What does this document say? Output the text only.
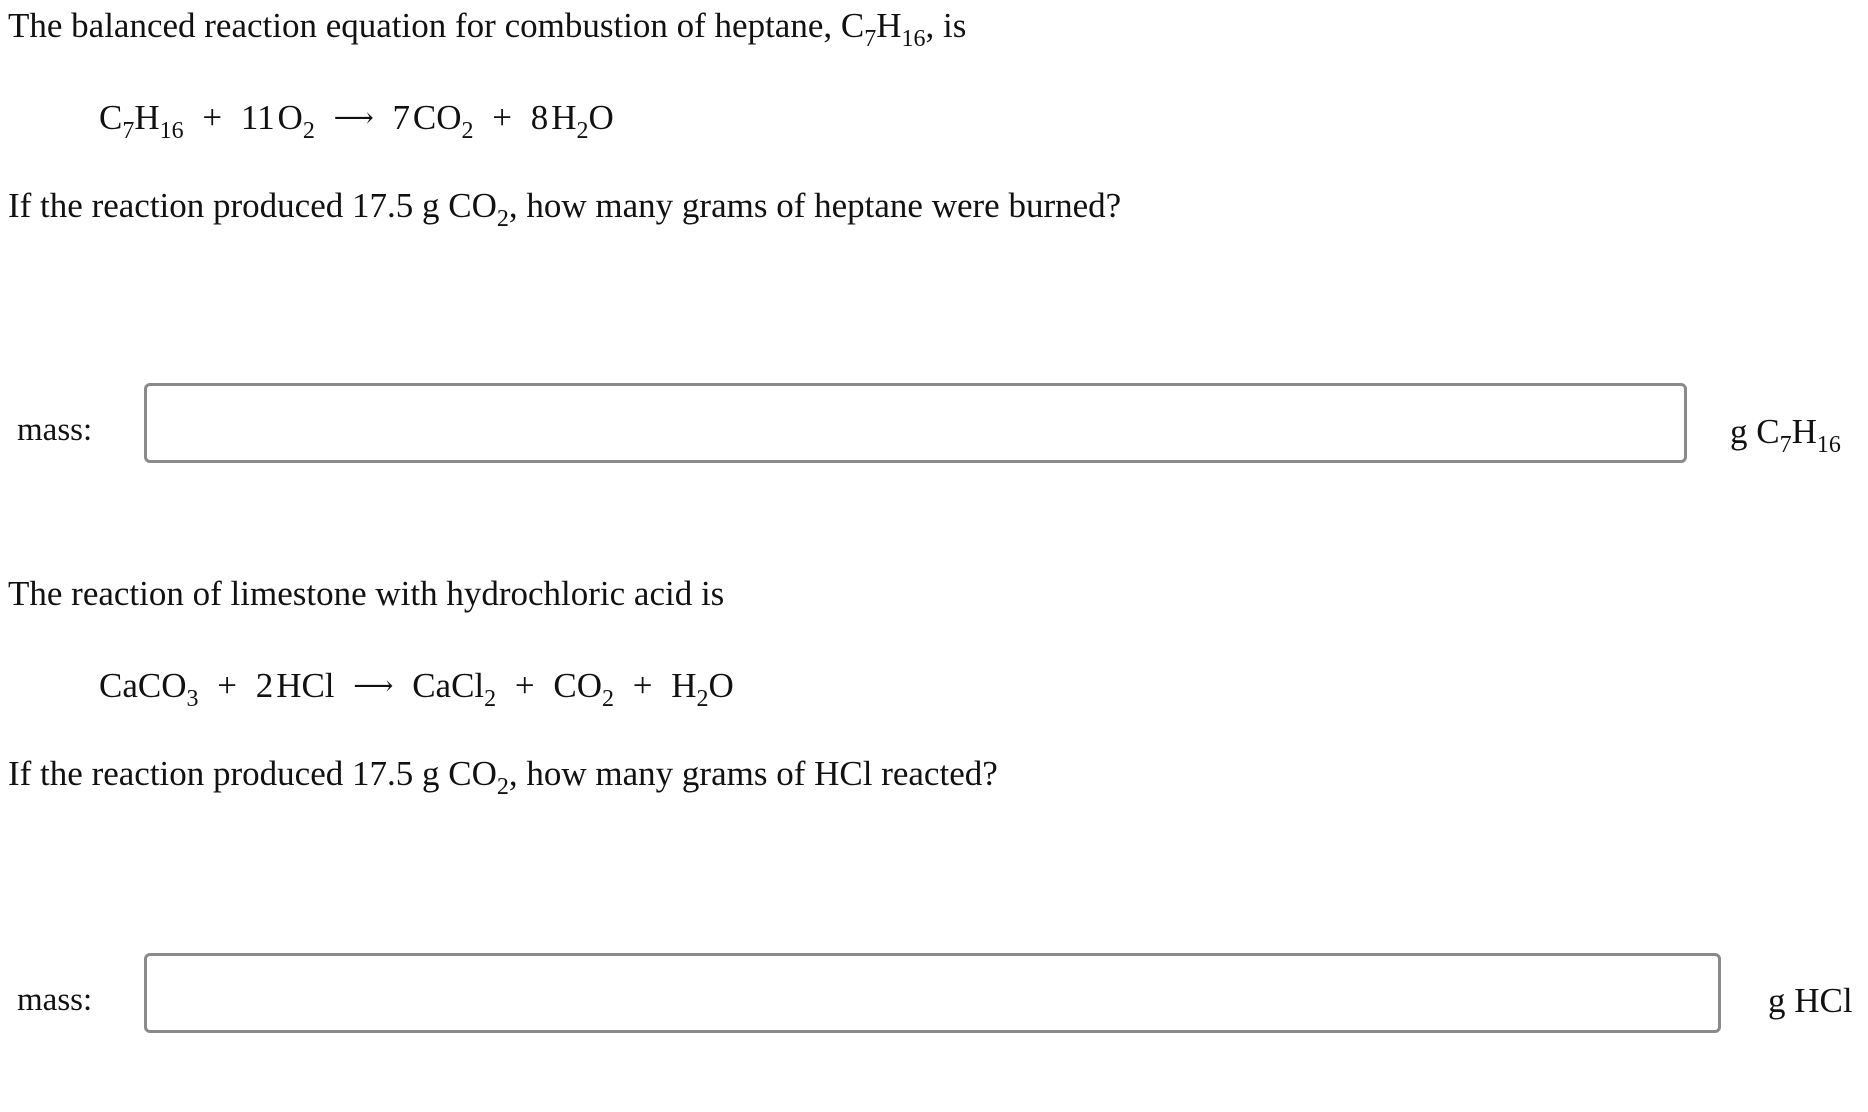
The balanced reaction equation for combustion of heptane, $C_7H_{16}$, is
$C_7H_{16} + 11$ $O_2$ ⟶ 7 $CO_2 + 8$ $H_2O$
If the reaction produced 17.5 g $CO_2$, how many grams of heptane were burned?
mass:	g $C_7H_{16}$
The reaction of limestone with hydrochloric acid is
CaCO$_3$ + 2 HCl ⟶ CaCl$_2$ + $CO_2 + H_2O$
If the reaction produced 17.5 g $CO_2$, how many grams of HCl reacted?
mass:	g HCl
